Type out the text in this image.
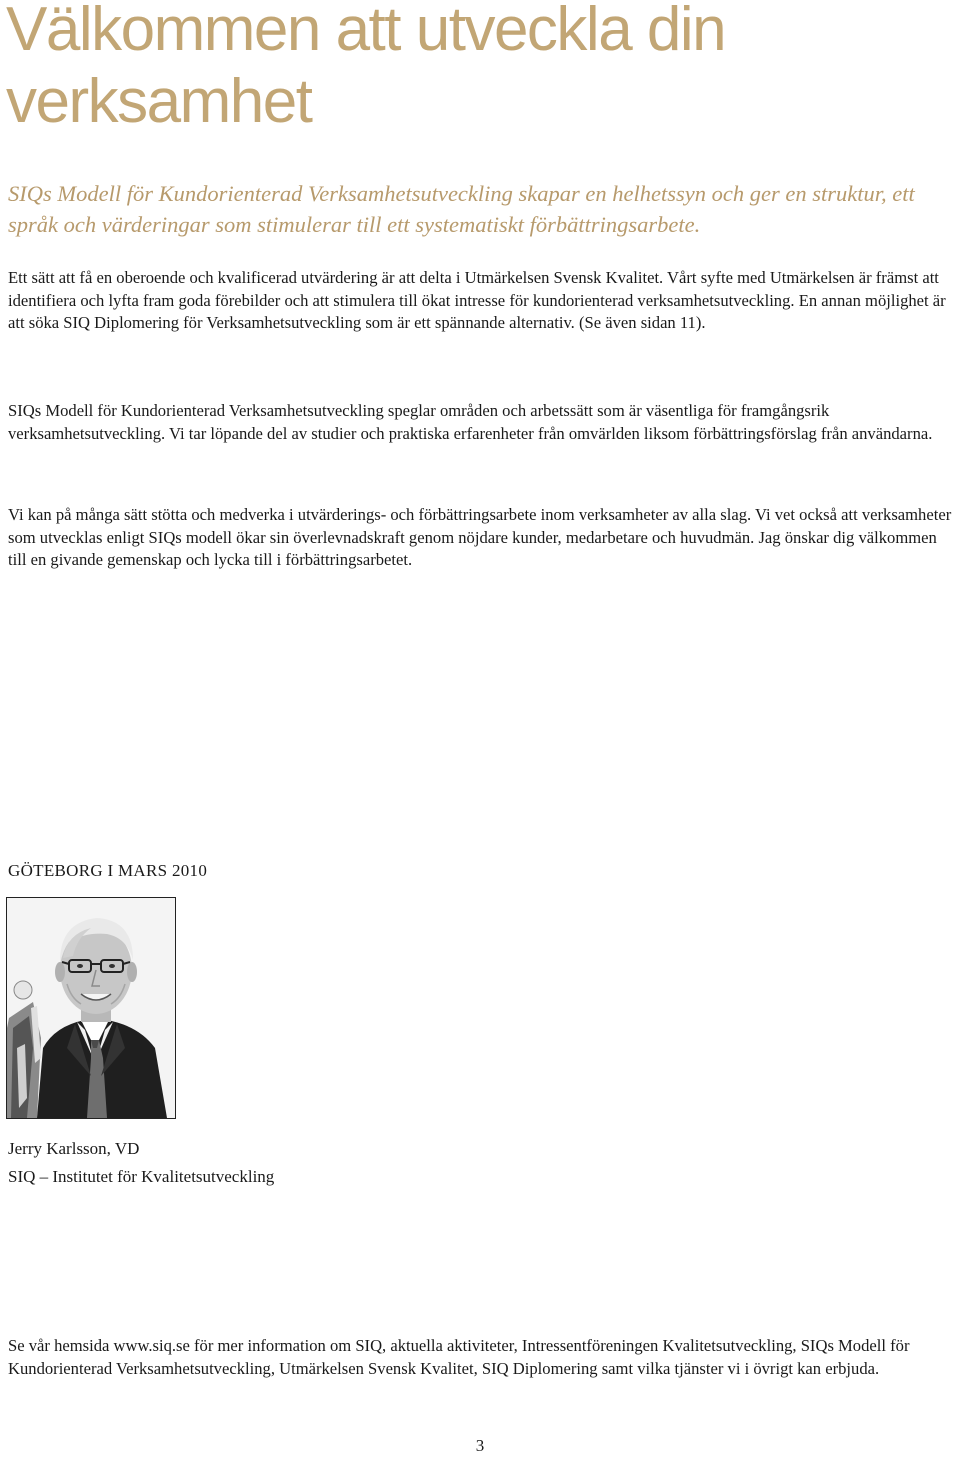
Välkommen att utveckla din verksamhet

SIQs Modell för Kundorienterad Verksamhetsutveckling skapar en helhetssyn och ger en struktur, ett språk och värderingar som stimulerar till ett systematiskt förbättringsarbete.

Ett sätt att få en oberoende och kvalificerad utvärdering är att delta i Utmärkelsen Svensk Kvalitet. Vårt syfte med Utmärkelsen är främst att identifiera och lyfta fram goda förebilder och att stimulera till ökat intresse för kundorienterad verksamhetsutveckling. En annan möjlighet är att söka SIQ Diplomering för Verksamhetsutveckling som är ett spännande alternativ. (Se även sidan 11).

SIQs Modell för Kundorienterad Verksamhetsutveckling speglar områden och arbetssätt som är väsentliga för framgångsrik verksamhetsutveckling. Vi tar löpande del av studier och praktiska erfarenheter från omvärlden liksom förbättringsförslag från användarna.

Vi kan på många sätt stötta och medverka i utvärderings- och förbättringsarbete inom verksamheter av alla slag. Vi vet också att verksamheter som utvecklas enligt SIQs modell ökar sin överlevnadskraft genom nöjdare kunder, medarbetare och huvudmän. Jag önskar dig välkommen till en givande gemenskap och lycka till i förbättringsarbetet.

GÖTEBORG I MARS 2010

Jerry Karlsson, VD

SIQ – Institutet för Kvalitetsutveckling

Se vår hemsida www.siq.se för mer information om SIQ, aktuella aktiviteter, Intressentföreningen Kvalitetsutveckling, SIQs Modell för Kundorienterad Verksamhetsutveckling, Utmärkelsen Svensk Kvalitet, SIQ Diplomering samt vilka tjänster vi i övrigt kan erbjuda.

3
